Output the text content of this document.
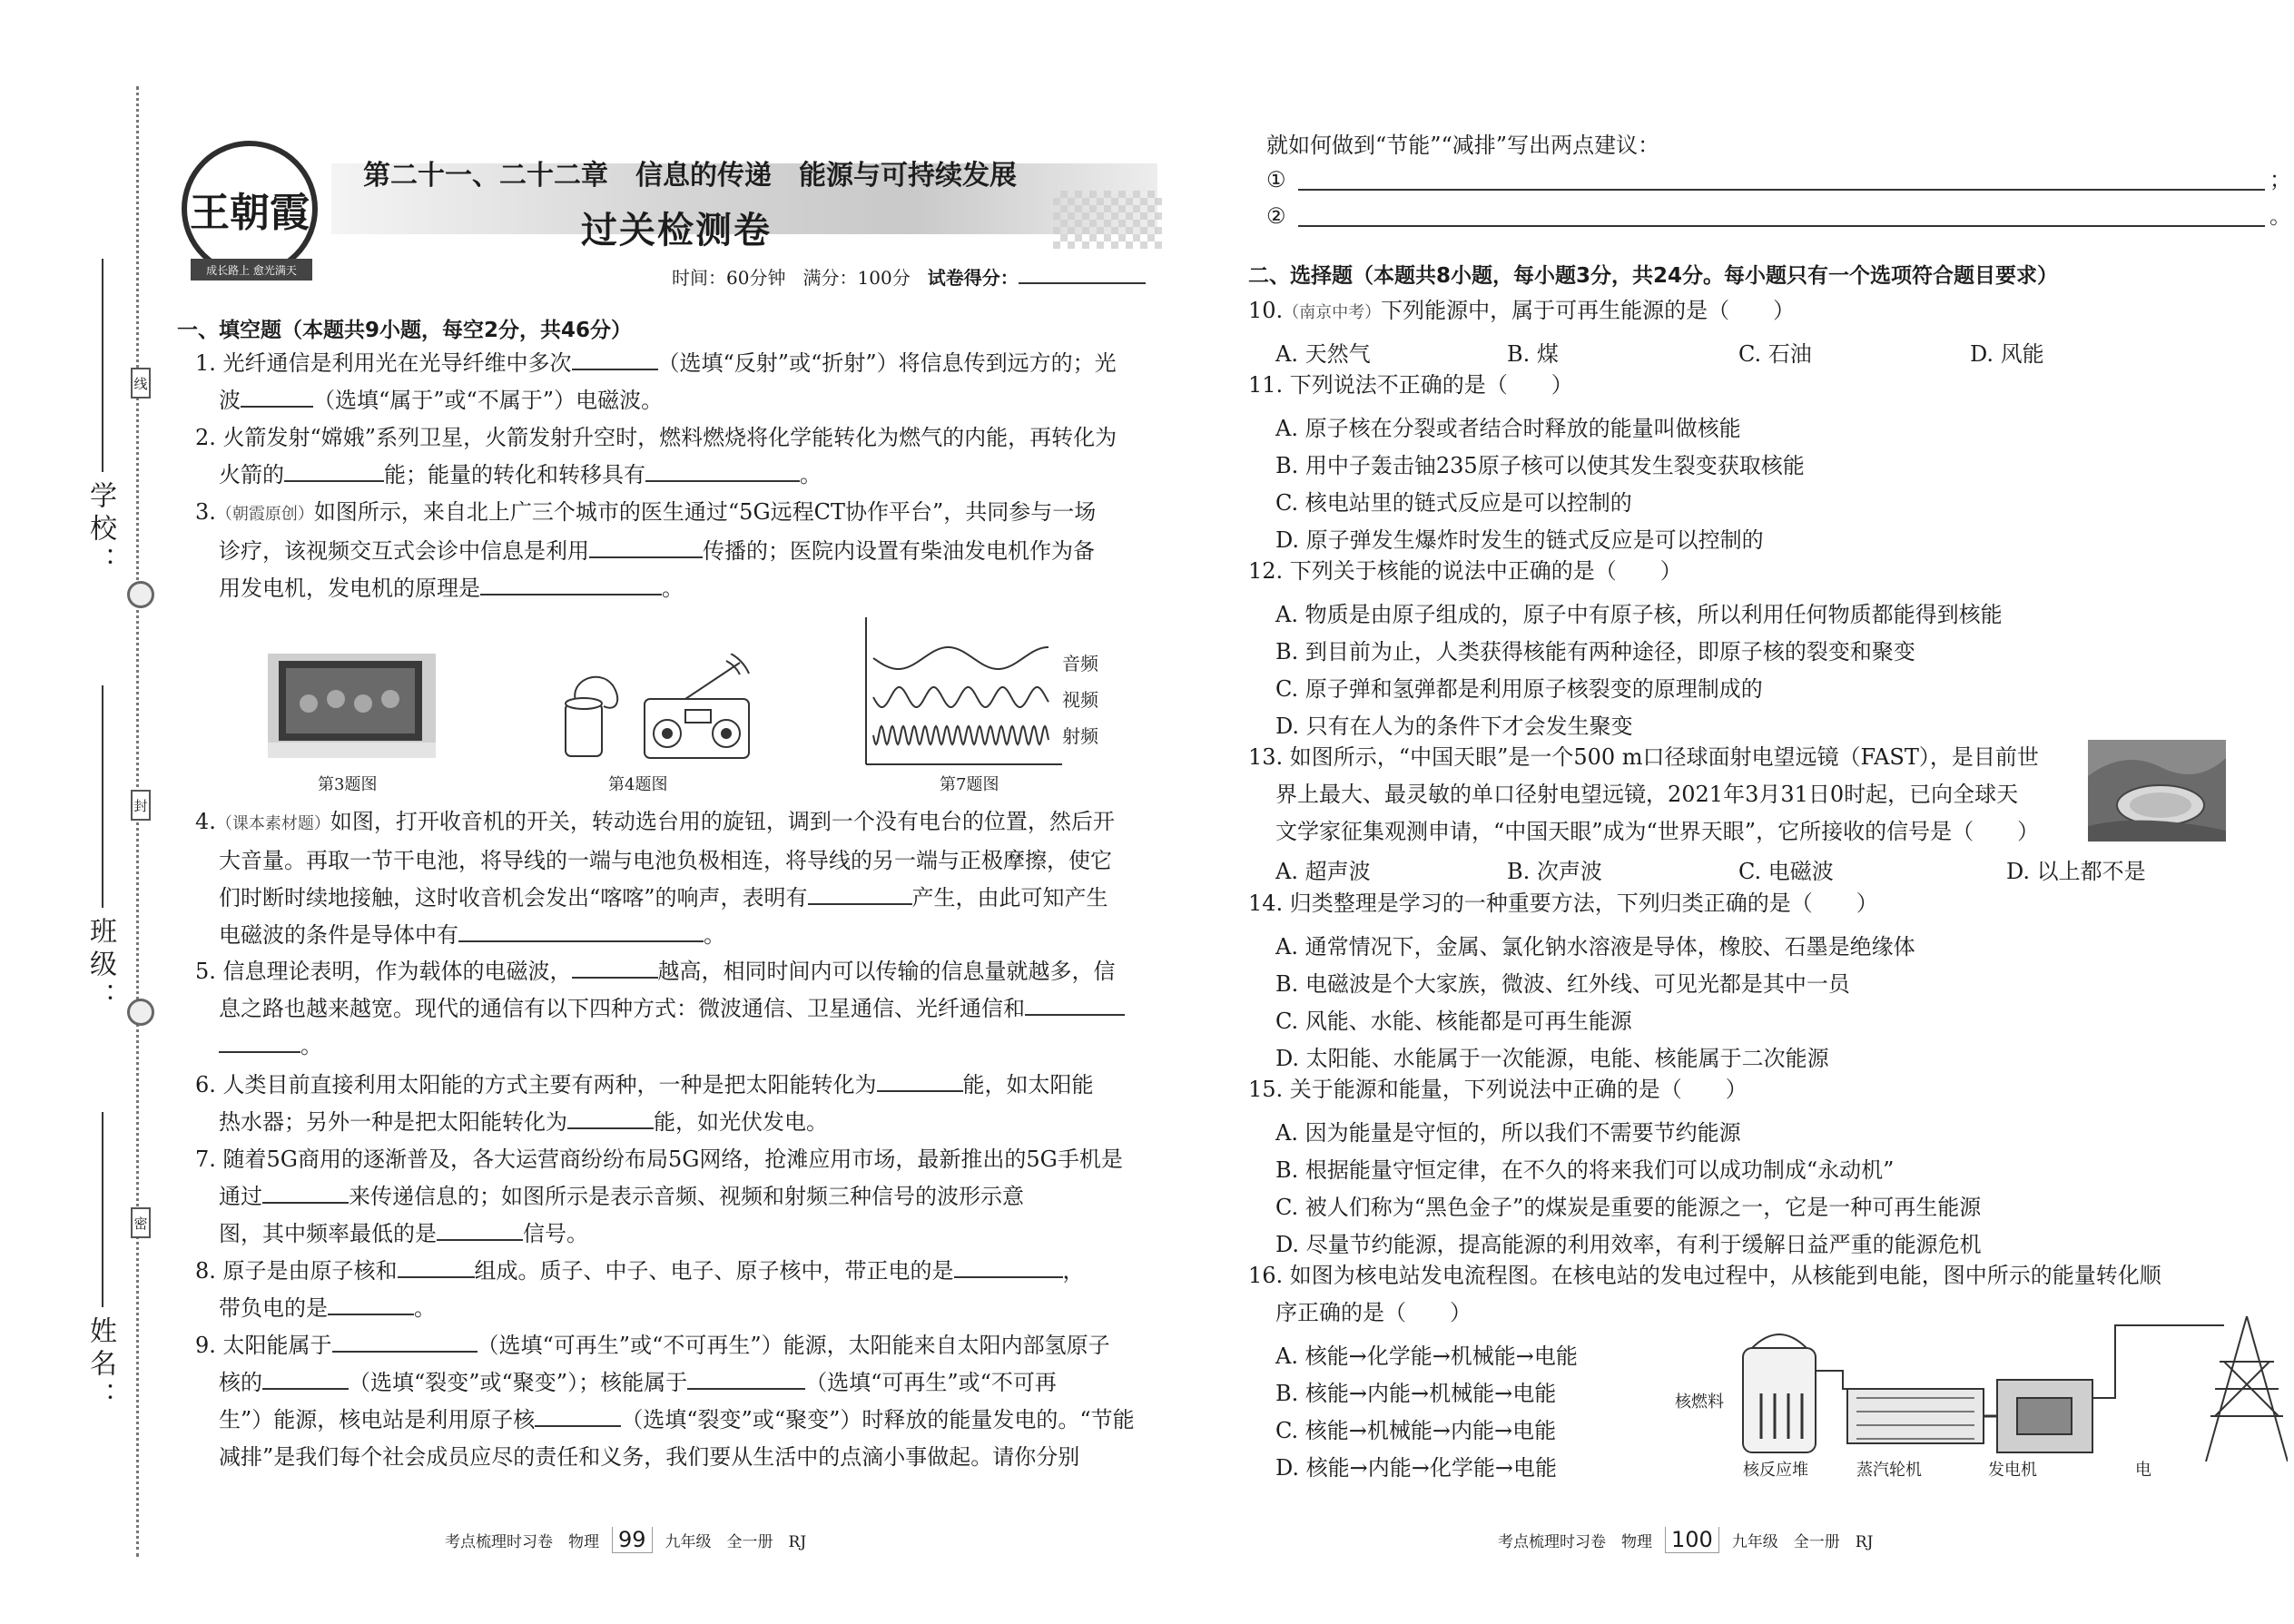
学校：
班级：
姓名：
线
封
密
王朝霞
成长路上 愈光满天
第二十一、二十二章　信息的传递　能源与可持续发展
过关检测卷
时间：60分钟 满分：100分 试卷得分：
一、填空题（本题共9小题，每空2分，共46分）
1. 光纤通信是利用光在光导纤维中多次	（选填“反射”或“折射”）将信息传到远方的；光
波	（选填“属于”或“不属于”）电磁波。
2. 火箭发射“嫦娥”系列卫星，火箭发射升空时，燃料燃烧将化学能转化为燃气的内能，再转化为
火箭的	能；能量的转化和转移具有	。
3.（朝霞原创）如图所示，来自北上广三个城市的医生通过“5G远程CT协作平台”，共同参与一场
诊疗，该视频交互式会诊中信息是利用	传播的；医院内设置有柴油发电机作为备
用发电机，发电机的原理是	。
第3题图	第4题图
音频
视频
射频
第7题图
4.（课本素材题）如图，打开收音机的开关，转动选台用的旋钮，调到一个没有电台的位置，然后开
大音量。再取一节干电池，将导线的一端与电池负极相连，将导线的另一端与正极摩擦，使它
们时断时续地接触，这时收音机会发出“喀喀”的响声，表明有	产生，由此可知产生
电磁波的条件是导体中有	。
5. 信息理论表明，作为载体的电磁波，	越高，相同时间内可以传输的信息量就越多，信
息之路也越来越宽。现代的通信有以下四种方式：微波通信、卫星通信、光纤通信和
。
6. 人类目前直接利用太阳能的方式主要有两种，一种是把太阳能转化为	能，如太阳能
热水器；另外一种是把太阳能转化为	能，如光伏发电。
7. 随着5G商用的逐渐普及，各大运营商纷纷布局5G网络，抢滩应用市场，最新推出的5G手机是
通过	来传递信息的；如图所示是表示音频、视频和射频三种信号的波形示意
图，其中频率最低的是	信号。
8. 原子是由原子核和	组成。质子、中子、电子、原子核中，带正电的是	，
带负电的是	。
9. 太阳能属于	（选填“可再生”或“不可再生”）能源，太阳能来自太阳内部氢原子
核的	（选填“裂变”或“聚变”）；核能属于	（选填“可再生”或“不可再
生”）能源，核电站是利用原子核	（选填“裂变”或“聚变”）时释放的能量发电的。“节能
减排”是我们每个社会成员应尽的责任和义务，我们要从生活中的点滴小事做起。请你分别
考点梳理时习卷　物理 99	九年级　全一册　RJ
就如何做到“节能”“减排”写出两点建议：
①	；
②	。
二、选择题（本题共8小题，每小题3分，共24分。每小题只有一个选项符合题目要求）
10.（南京中考）下列能源中，属于可再生能源的是（　　）
A. 天然气	B. 煤	C. 石油	D. 风能
11. 下列说法不正确的是（　　）
A. 原子核在分裂或者结合时释放的能量叫做核能
B. 用中子轰击铀235原子核可以使其发生裂变获取核能
C. 核电站里的链式反应是可以控制的
D. 原子弹发生爆炸时发生的链式反应是可以控制的
12. 下列关于核能的说法中正确的是（　　）
A. 物质是由原子组成的，原子中有原子核，所以利用任何物质都能得到核能
B. 到目前为止，人类获得核能有两种途径，即原子核的裂变和聚变
C. 原子弹和氢弹都是利用原子核裂变的原理制成的
D. 只有在人为的条件下才会发生聚变
13. 如图所示，“中国天眼”是一个500 m口径球面射电望远镜（FAST），是目前世
界上最大、最灵敏的单口径射电望远镜，2021年3月31日0时起，已向全球天
文学家征集观测申请，“中国天眼”成为“世界天眼”，它所接收的信号是（　　）
A. 超声波	B. 次声波	C. 电磁波	D. 以上都不是
14. 归类整理是学习的一种重要方法，下列归类正确的是（　　）
A. 通常情况下，金属、氯化钠水溶液是导体，橡胶、石墨是绝缘体
B. 电磁波是个大家族，微波、红外线、可见光都是其中一员
C. 风能、水能、核能都是可再生能源
D. 太阳能、水能属于一次能源，电能、核能属于二次能源
15. 关于能源和能量，下列说法中正确的是（　　）
A. 因为能量是守恒的，所以我们不需要节约能源
B. 根据能量守恒定律，在不久的将来我们可以成功制成“永动机”
C. 被人们称为“黑色金子”的煤炭是重要的能源之一，它是一种可再生能源
D. 尽量节约能源，提高能源的利用效率，有利于缓解日益严重的能源危机
16. 如图为核电站发电流程图。在核电站的发电过程中，从核能到电能，图中所示的能量转化顺
序正确的是（　　）
A. 核能→化学能→机械能→电能
B. 核能→内能→机械能→电能
C. 核能→机械能→内能→电能
D. 核能→内能→化学能→电能
核燃料
核反应堆	蒸汽轮机	发电机	电
考点梳理时习卷　物理 100	九年级　全一册　RJ
